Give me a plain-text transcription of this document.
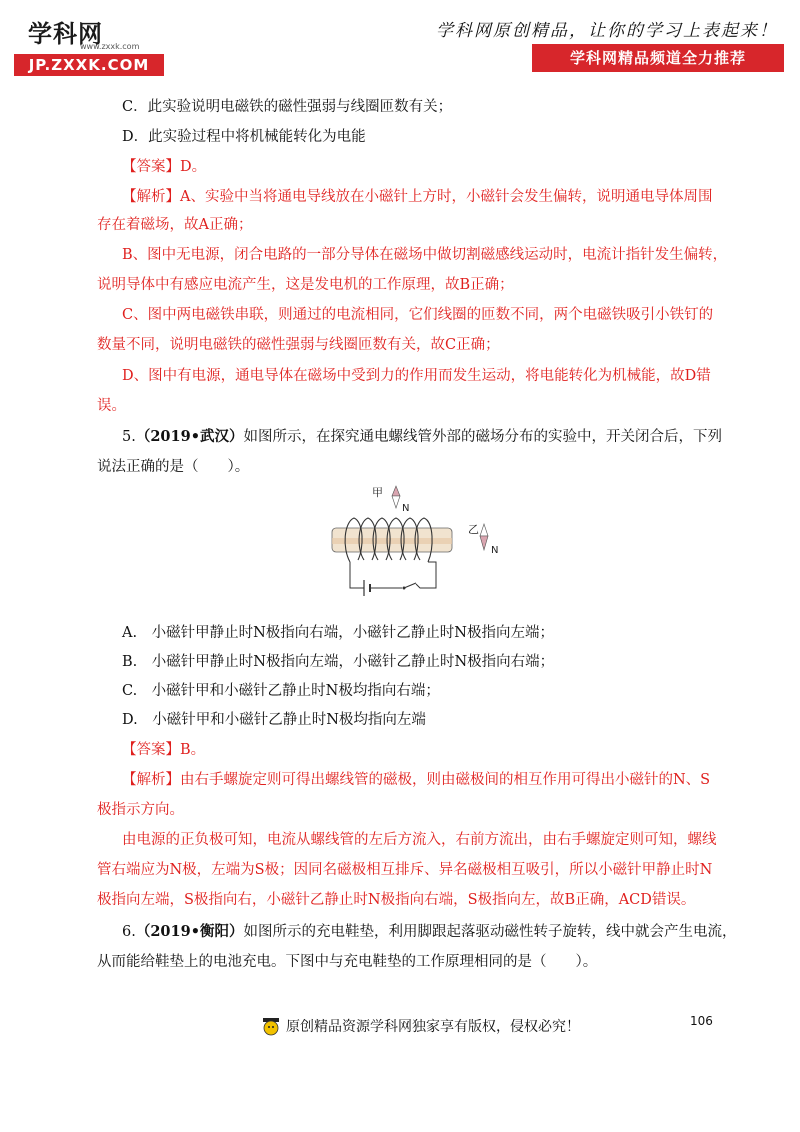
学科网
www.zxxk.com
JP.ZXXK.COM
学科网原创精品，让你的学习上表起来！
学科网精品频道全力推荐
C．此实验说明电磁铁的磁性强弱与线圈匝数有关；
D．此实验过程中将机械能转化为电能
【答案】D。
【解析】A、实验中当将通电导线放在小磁针上方时，小磁针会发生偏转，说明通电导体周围
存在着磁场，故A正确；
B、图中无电源，闭合电路的一部分导体在磁场中做切割磁感线运动时，电流计指针发生偏转，
说明导体中有感应电流产生，这是发电机的工作原理，故B正确；
C、图中两电磁铁串联，则通过的电流相同，它们线圈的匝数不同，两个电磁铁吸引小铁钉的
数量不同，说明电磁铁的磁性强弱与线圈匝数有关，故C正确；
D、图中有电源，通电导体在磁场中受到力的作用而发生运动，将电能转化为机械能，故D错
误。
5.（2019•武汉）如图所示，在探究通电螺线管外部的磁场分布的实验中，开关闭合后，下列
说法正确的是（　　）。
甲
N
乙
N
A.　小磁针甲静止时N极指向右端，小磁针乙静止时N极指向左端；
B.　小磁针甲静止时N极指向左端，小磁针乙静止时N极指向右端；
C.　小磁针甲和小磁针乙静止时N极均指向右端；
D.　小磁针甲和小磁针乙静止时N极均指向左端
【答案】B。
【解析】由右手螺旋定则可得出螺线管的磁极，则由磁极间的相互作用可得出小磁针的N、S
极指示方向。
由电源的正负极可知，电流从螺线管的左后方流入，右前方流出，由右手螺旋定则可知，螺线
管右端应为N极，左端为S极；因同名磁极相互排斥、异名磁极相互吸引，所以小磁针甲静止时N
极指向左端，S极指向右，小磁针乙静止时N极指向右端，S极指向左，故B正确，ACD错误。
6.（2019•衡阳）如图所示的充电鞋垫，利用脚跟起落驱动磁性转子旋转，线中就会产生电流，
从而能给鞋垫上的电池充电。下图中与充电鞋垫的工作原理相同的是（　　）。
106
原创精品资源学科网独家享有版权，侵权必究！
